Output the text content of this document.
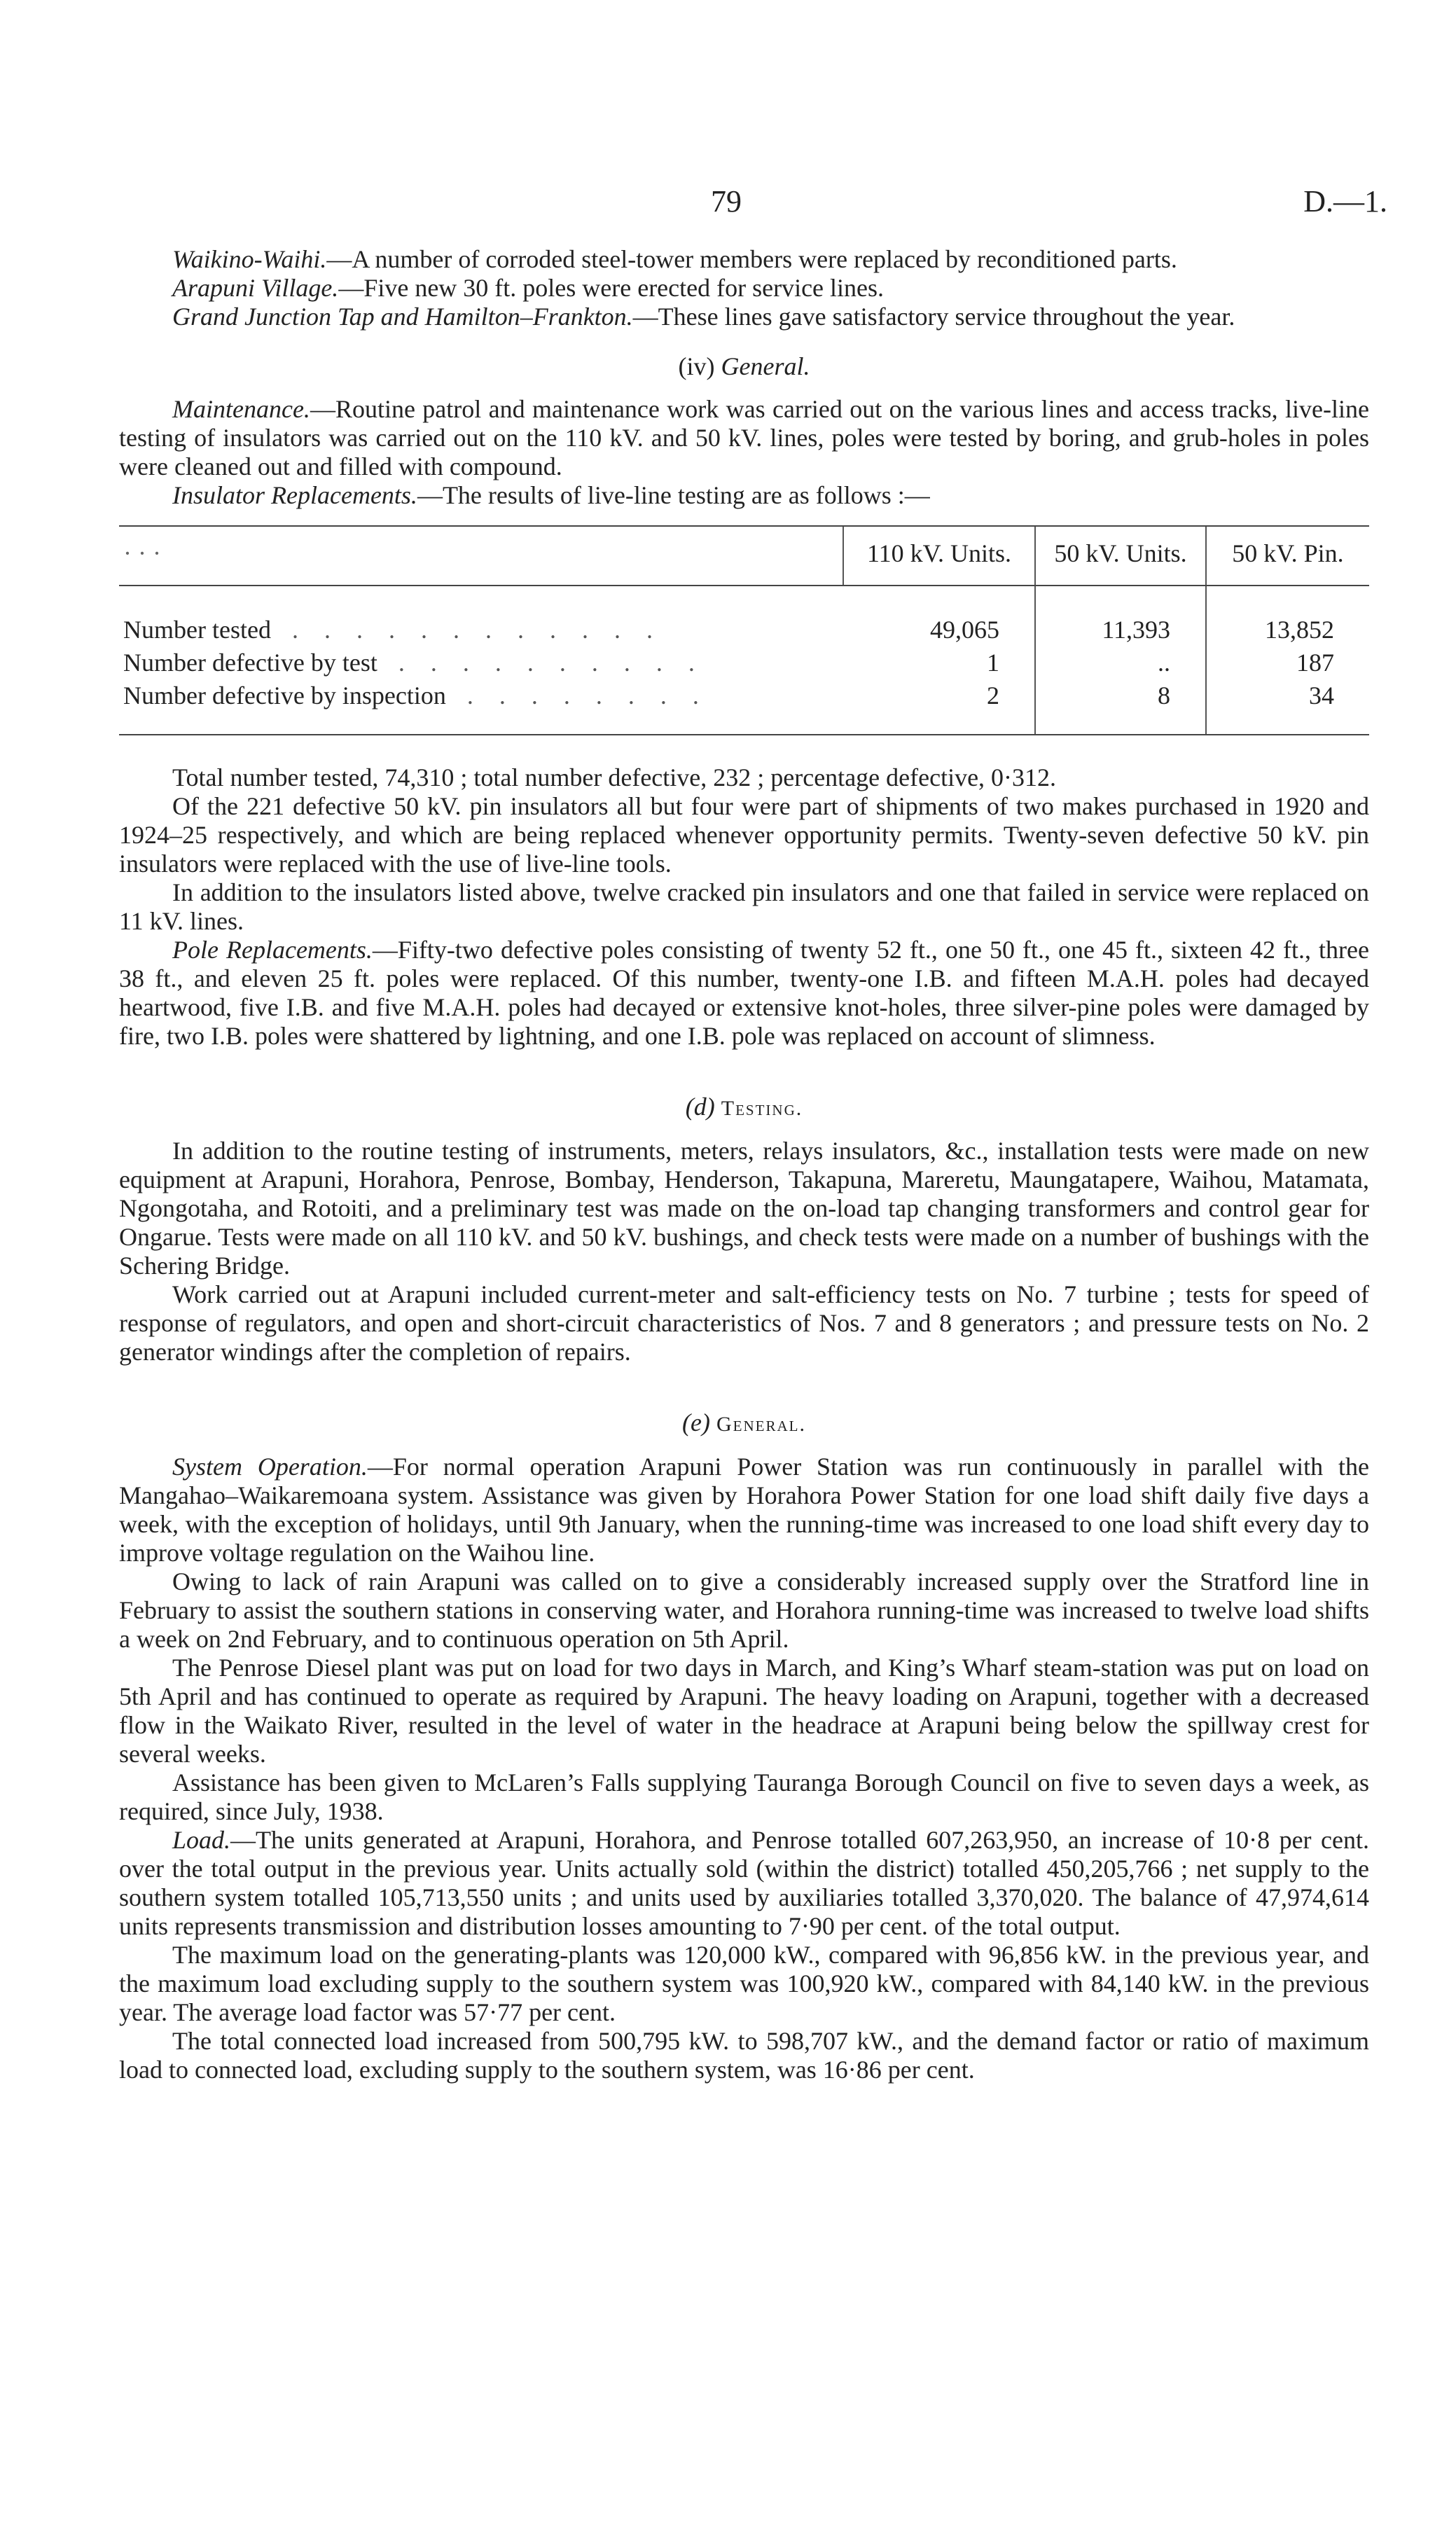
79	D.—1.

Waikino-Waihi.—A number of corroded steel-tower members were replaced by reconditioned parts.

Arapuni Village.—Five new 30 ft. poles were erected for service lines.

Grand Junction Tap and Hamilton–Frankton.—These lines gave satisfactory service throughout the year.

(iv) General.

Maintenance.—Routine patrol and maintenance work was carried out on the various lines and access tracks, live-line testing of insulators was carried out on the 110 kV. and 50 kV. lines, poles were tested by boring, and grub-holes in poles were cleaned out and filled with compound.

Insulator Replacements.—The results of live-line testing are as follows :—

· · ·	110 kV. Units.	50 kV. Units.	50 kV. Pin.
Number tested . . . . . . . . . . . .	49,065	11,393	13,852
Number defective by test . . . . . . . . . .	1	..	187
Number defective by inspection . . . . . . . .	2	8	34

Total number tested, 74,310 ; total number defective, 232 ; percentage defective, 0·312.

Of the 221 defective 50 kV. pin insulators all but four were part of shipments of two makes purchased in 1920 and 1924–25 respectively, and which are being replaced whenever opportunity permits. Twenty-seven defective 50 kV. pin insulators were replaced with the use of live-line tools.

In addition to the insulators listed above, twelve cracked pin insulators and one that failed in service were replaced on 11 kV. lines.

Pole Replacements.—Fifty-two defective poles consisting of twenty 52 ft., one 50 ft., one 45 ft., sixteen 42 ft., three 38 ft., and eleven 25 ft. poles were replaced. Of this number, twenty-one I.B. and fifteen M.A.H. poles had decayed heartwood, five I.B. and five M.A.H. poles had decayed or extensive knot-holes, three silver-pine poles were damaged by fire, two I.B. poles were shattered by lightning, and one I.B. pole was replaced on account of slimness.

(d) Testing.

In addition to the routine testing of instruments, meters, relays insulators, &c., installation tests were made on new equipment at Arapuni, Horahora, Penrose, Bombay, Henderson, Takapuna, Mareretu, Maungatapere, Waihou, Matamata, Ngongotaha, and Rotoiti, and a preliminary test was made on the on-load tap changing transformers and control gear for Ongarue. Tests were made on all 110 kV. and 50 kV. bushings, and check tests were made on a number of bushings with the Schering Bridge.

Work carried out at Arapuni included current-meter and salt-efficiency tests on No. 7 turbine ; tests for speed of response of regulators, and open and short-circuit characteristics of Nos. 7 and 8 generators ; and pressure tests on No. 2 generator windings after the completion of repairs.

(e) General.

System Operation.—For normal operation Arapuni Power Station was run continuously in parallel with the Mangahao–Waikaremoana system. Assistance was given by Horahora Power Station for one load shift daily five days a week, with the exception of holidays, until 9th January, when the running-time was increased to one load shift every day to improve voltage regulation on the Waihou line.

Owing to lack of rain Arapuni was called on to give a considerably increased supply over the Stratford line in February to assist the southern stations in conserving water, and Horahora running-time was increased to twelve load shifts a week on 2nd February, and to continuous operation on 5th April.

The Penrose Diesel plant was put on load for two days in March, and King’s Wharf steam-station was put on load on 5th April and has continued to operate as required by Arapuni. The heavy loading on Arapuni, together with a decreased flow in the Waikato River, resulted in the level of water in the headrace at Arapuni being below the spillway crest for several weeks.

Assistance has been given to McLaren’s Falls supplying Tauranga Borough Council on five to seven days a week, as required, since July, 1938.

Load.—The units generated at Arapuni, Horahora, and Penrose totalled 607,263,950, an increase of 10·8 per cent. over the total output in the previous year. Units actually sold (within the district) totalled 450,205,766 ; net supply to the southern system totalled 105,713,550 units ; and units used by auxiliaries totalled 3,370,020. The balance of 47,974,614 units represents transmission and distribution losses amounting to 7·90 per cent. of the total output.

The maximum load on the generating-plants was 120,000 kW., compared with 96,856 kW. in the previous year, and the maximum load excluding supply to the southern system was 100,920 kW., compared with 84,140 kW. in the previous year. The average load factor was 57·77 per cent.

The total connected load increased from 500,795 kW. to 598,707 kW., and the demand factor or ratio of maximum load to connected load, excluding supply to the southern system, was 16·86 per cent.
